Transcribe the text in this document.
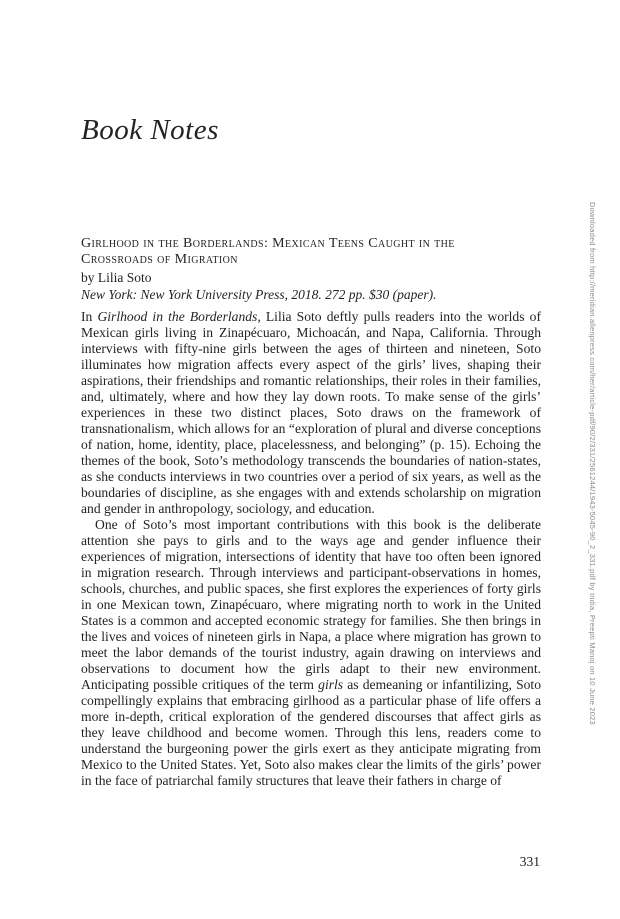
Book Notes
Girlhood in the Borderlands: Mexican Teens Caught in the
Crossroads of Migration
by Lilia Soto
New York: New York University Press, 2018. 272 pp. $30 (paper).

In Girlhood in the Borderlands, Lilia Soto deftly pulls readers into the worlds of Mexican girls living in Zinapécuaro, Michoacán, and Napa, California. Through interviews with fifty-nine girls between the ages of thirteen and nineteen, Soto illuminates how migration affects every aspect of the girls’ lives, shaping their aspirations, their friendships and romantic relationships, their roles in their families, and, ultimately, where and how they lay down roots. To make sense of the girls’ experiences in these two distinct places, Soto draws on the framework of transnationalism, which allows for an “exploration of plural and diverse conceptions of nation, home, identity, place, placelessness, and belonging” (p. 15). Echoing the themes of the book, Soto’s methodology transcends the boundaries of nation-states, as she conducts interviews in two countries over a period of six years, as well as the boundaries of discipline, as she engages with and extends scholarship on migration and gender in anthropology, sociology, and education.

One of Soto’s most important contributions with this book is the deliberate attention she pays to girls and to the ways age and gender influence their experiences of migration, intersections of identity that have too often been ignored in migration research. Through interviews and participant-observations in homes, schools, churches, and public spaces, she first explores the experiences of forty girls in one Mexican town, Zinapécuaro, where migrating north to work in the United States is a common and accepted economic strategy for families. She then brings in the lives and voices of nineteen girls in Napa, a place where migration has grown to meet the labor demands of the tourist industry, again drawing on interviews and observations to document how the girls adapt to their new environment. Anticipating possible critiques of the term girls as demeaning or infantilizing, Soto compellingly explains that embracing girlhood as a particular phase of life offers a more in-depth, critical exploration of the gendered discourses that affect girls as they leave childhood and become women. Through this lens, readers come to understand the burgeoning power the girls exert as they anticipate migrating from Mexico to the United States. Yet, Soto also makes clear the limits of the girls’ power in the face of patriarchal family structures that leave their fathers in charge of

Downloaded from http://meridian.allenpress.com/her/article-pdf/90/2/331/2561244/1943-5045-90_2_331.pdf by India, Preepti Manoj on 10 June 2023
331
